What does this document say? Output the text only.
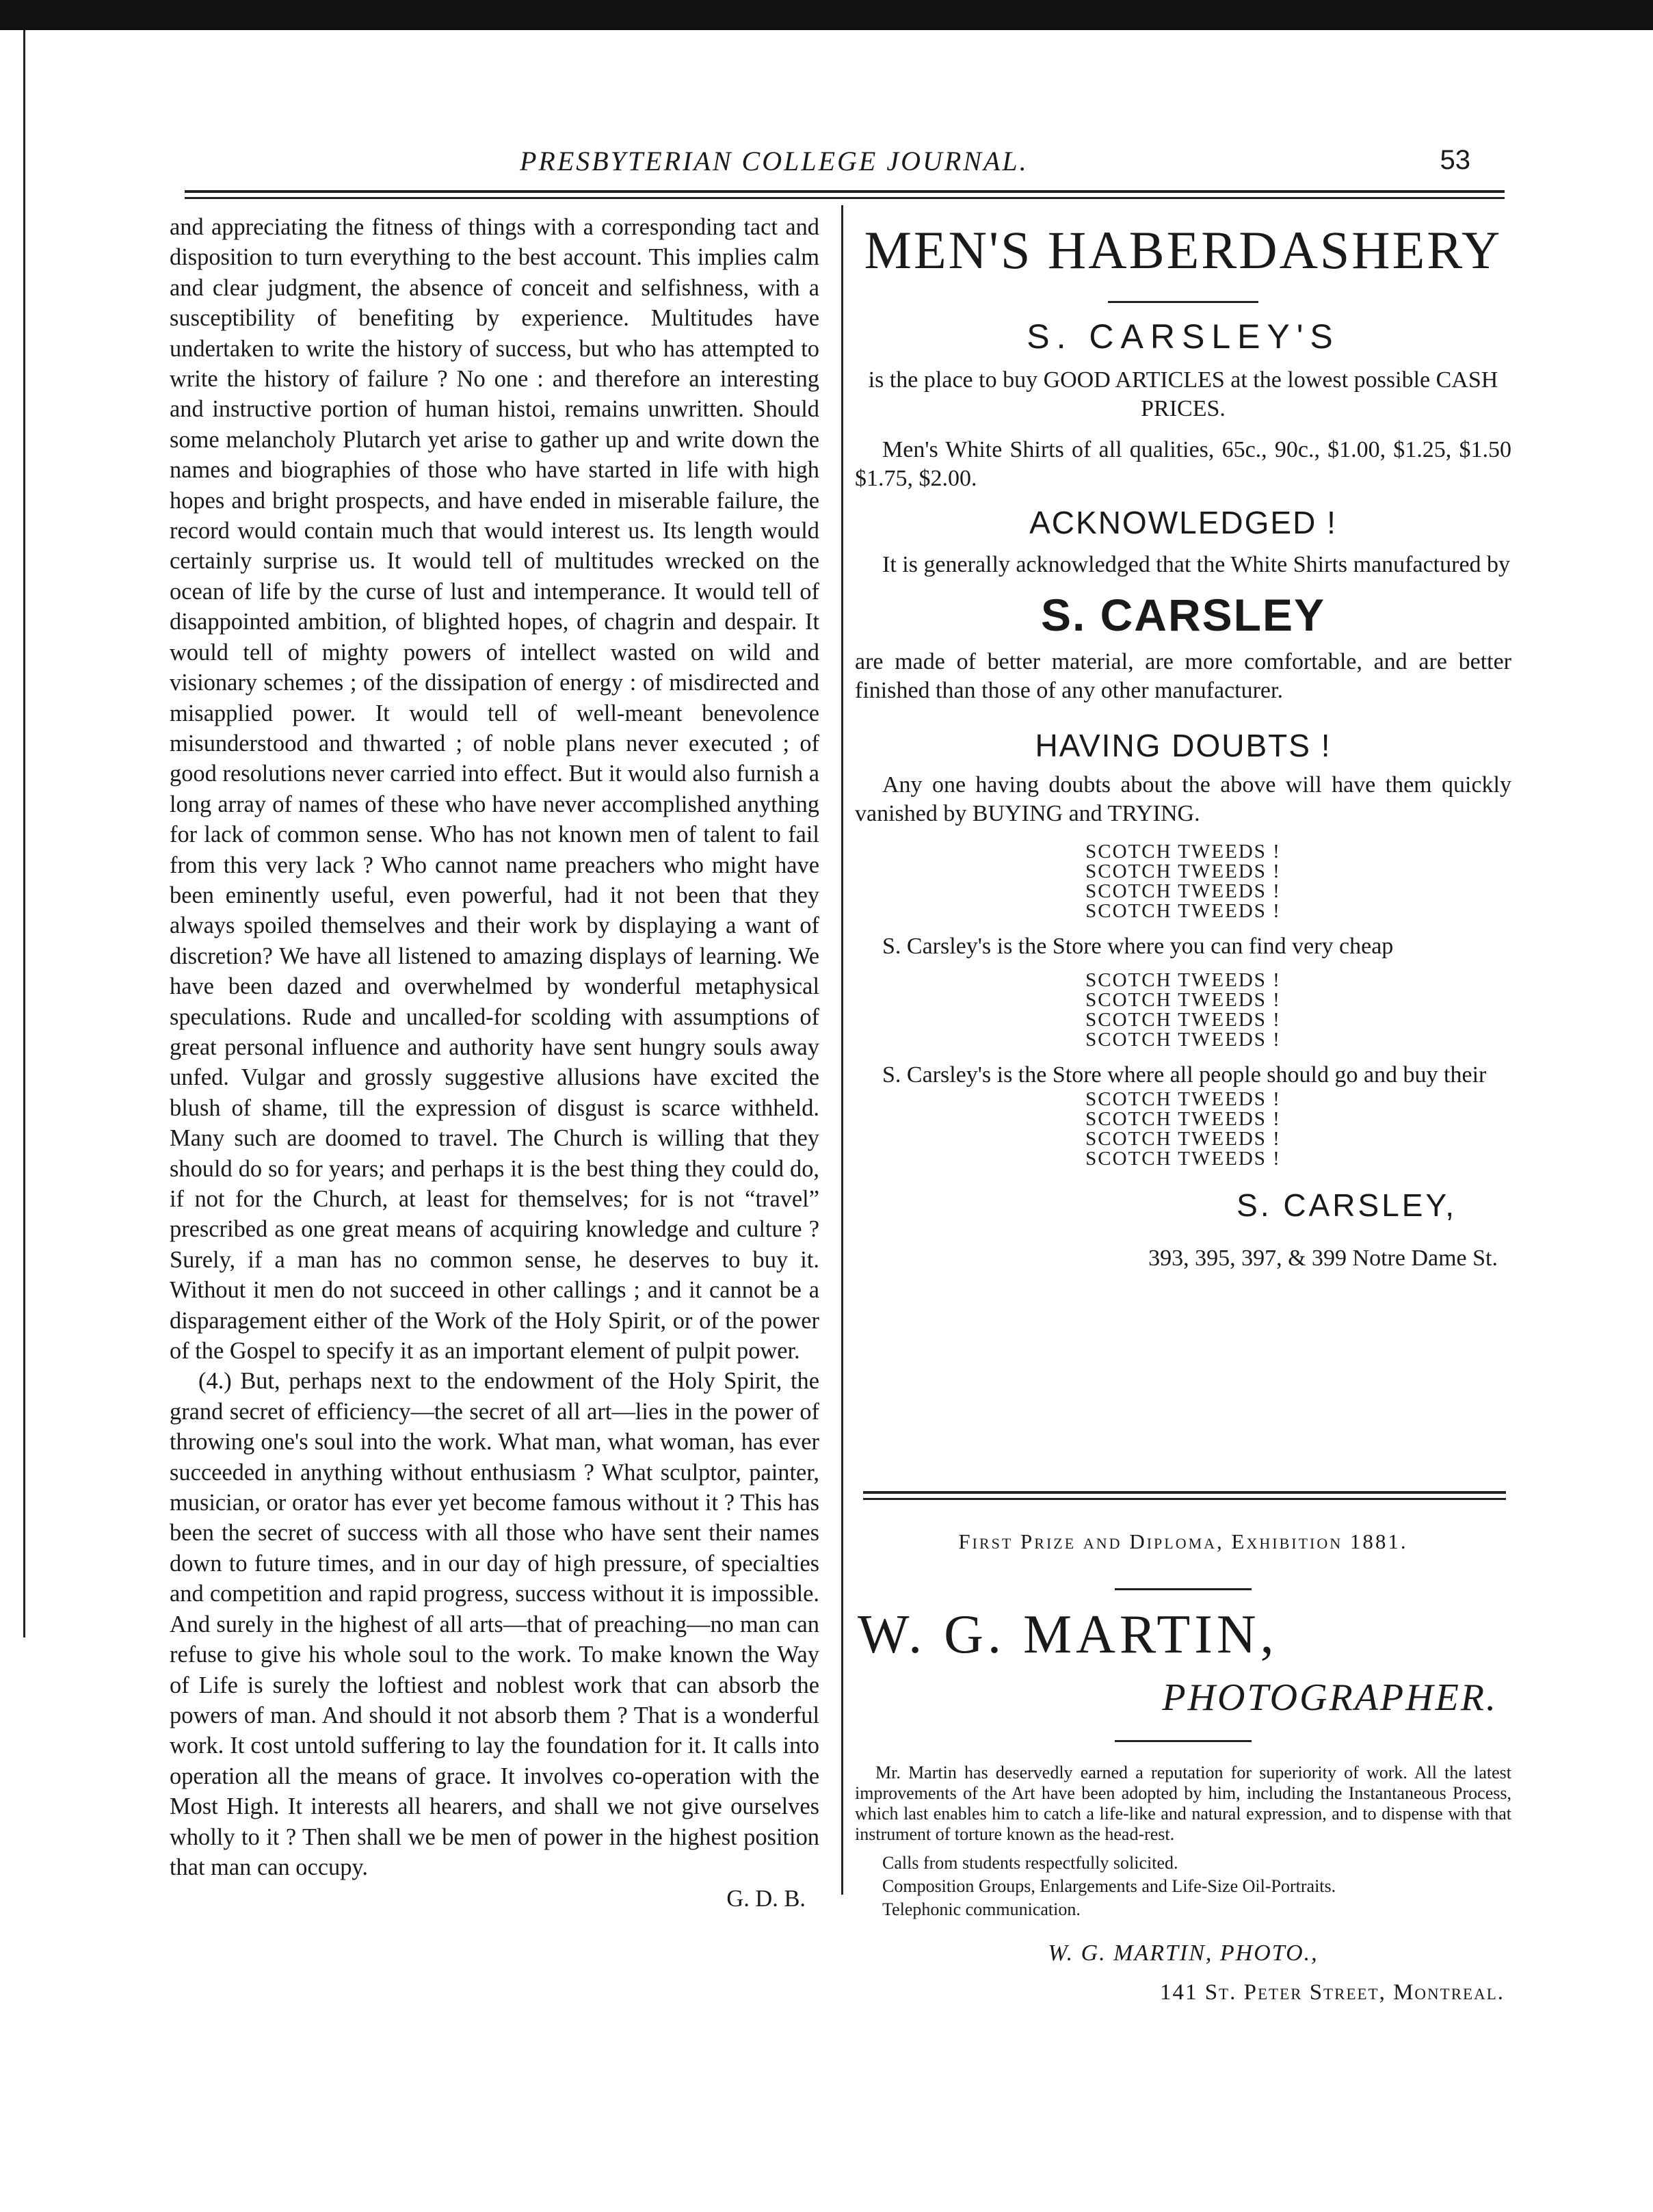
PRESBYTERIAN COLLEGE JOURNAL.	53

and appreciating the fitness of things with a corresponding tact and disposition to turn everything to the best account. This implies calm and clear judgment, the absence of conceit and selfishness, with a susceptibility of benefiting by experience. Multitudes have undertaken to write the history of success, but who has attempted to write the history of failure ? No one : and therefore an interesting and instructive portion of human histoi, remains unwritten. Should some melancholy Plutarch yet arise to gather up and write down the names and biographies of those who have started in life with high hopes and bright prospects, and have ended in miserable failure, the record would contain much that would interest us. Its length would certainly surprise us. It would tell of multitudes wrecked on the ocean of life by the curse of lust and intemperance. It would tell of disappointed ambition, of blighted hopes, of chagrin and despair. It would tell of mighty powers of intellect wasted on wild and visionary schemes ; of the dissipation of energy : of misdirected and misapplied power. It would tell of well-meant benevolence misunderstood and thwarted ; of noble plans never executed ; of good resolutions never carried into effect. But it would also furnish a long array of names of these who have never accomplished anything for lack of common sense. Who has not known men of talent to fail from this very lack ? Who cannot name preachers who might have been eminently useful, even powerful, had it not been that they always spoiled themselves and their work by displaying a want of discretion? We have all listened to amazing displays of learning. We have been dazed and overwhelmed by wonderful metaphysical speculations. Rude and uncalled-for scolding with assumptions of great personal influence and authority have sent hungry souls away unfed. Vulgar and grossly suggestive allusions have excited the blush of shame, till the expression of disgust is scarce withheld. Many such are doomed to travel. The Church is willing that they should do so for years; and perhaps it is the best thing they could do, if not for the Church, at least for themselves; for is not “travel” prescribed as one great means of acquiring knowledge and culture ? Surely, if a man has no common sense, he deserves to buy it. Without it men do not succeed in other callings ; and it cannot be a disparagement either of the Work of the Holy Spirit, or of the power of the Gospel to specify it as an important element of pulpit power.

(4.) But, perhaps next to the endowment of the Holy Spirit, the grand secret of efficiency—the secret of all art—lies in the power of throwing one's soul into the work. What man, what woman, has ever succeeded in anything without enthusiasm ? What sculptor, painter, musician, or orator has ever yet become famous without it ? This has been the secret of success with all those who have sent their names down to future times, and in our day of high pressure, of specialties and competition and rapid progress, success without it is impossible. And surely in the highest of all arts—that of preaching—no man can refuse to give his whole soul to the work. To make known the Way of Life is surely the loftiest and noblest work that can absorb the powers of man. And should it not absorb them ? That is a wonderful work. It cost untold suffering to lay the foundation for it. It calls into operation all the means of grace. It involves co-operation with the Most High. It interests all hearers, and shall we not give ourselves wholly to it ? Then shall we be men of power in the highest position that man can occupy.

G. D. B.
MEN'S HABERDASHERY
S. CARSLEY'S
is the place to buy GOOD ARTICLES at the lowest possible CASH PRICES.
Men's White Shirts of all qualities, 65c., 90c., $1.00, $1.25, $1.50 $1.75, $2.00.
ACKNOWLEDGED !
It is generally acknowledged that the White Shirts manufactured by
S. CARSLEY
are made of better material, are more comfortable, and are better finished than those of any other manufacturer.
HAVING DOUBTS !
Any one having doubts about the above will have them quickly vanished by BUYING and TRYING.
SCOTCH TWEEDS !
SCOTCH TWEEDS !
SCOTCH TWEEDS !
SCOTCH TWEEDS !
S. Carsley's is the Store where you can find very cheap
SCOTCH TWEEDS !
SCOTCH TWEEDS !
SCOTCH TWEEDS !
SCOTCH TWEEDS !
S. Carsley's is the Store where all people should go and buy their
SCOTCH TWEEDS !
SCOTCH TWEEDS !
SCOTCH TWEEDS !
SCOTCH TWEEDS !
S. CARSLEY,
393, 395, 397, & 399 Notre Dame St.
First Prize and Diploma, Exhibition 1881.
W. G. MARTIN,
PHOTOGRAPHER.
Mr. Martin has deservedly earned a reputation for superiority of work. All the latest improvements of the Art have been adopted by him, including the Instantaneous Process, which last enables him to catch a life-like and natural expression, and to dispense with that instrument of torture known as the head-rest.
Calls from students respectfully solicited.
Composition Groups, Enlargements and Life-Size Oil-Portraits.
Telephonic communication.
W. G. MARTIN, PHOTO.,
141 St. Peter Street, Montreal.
